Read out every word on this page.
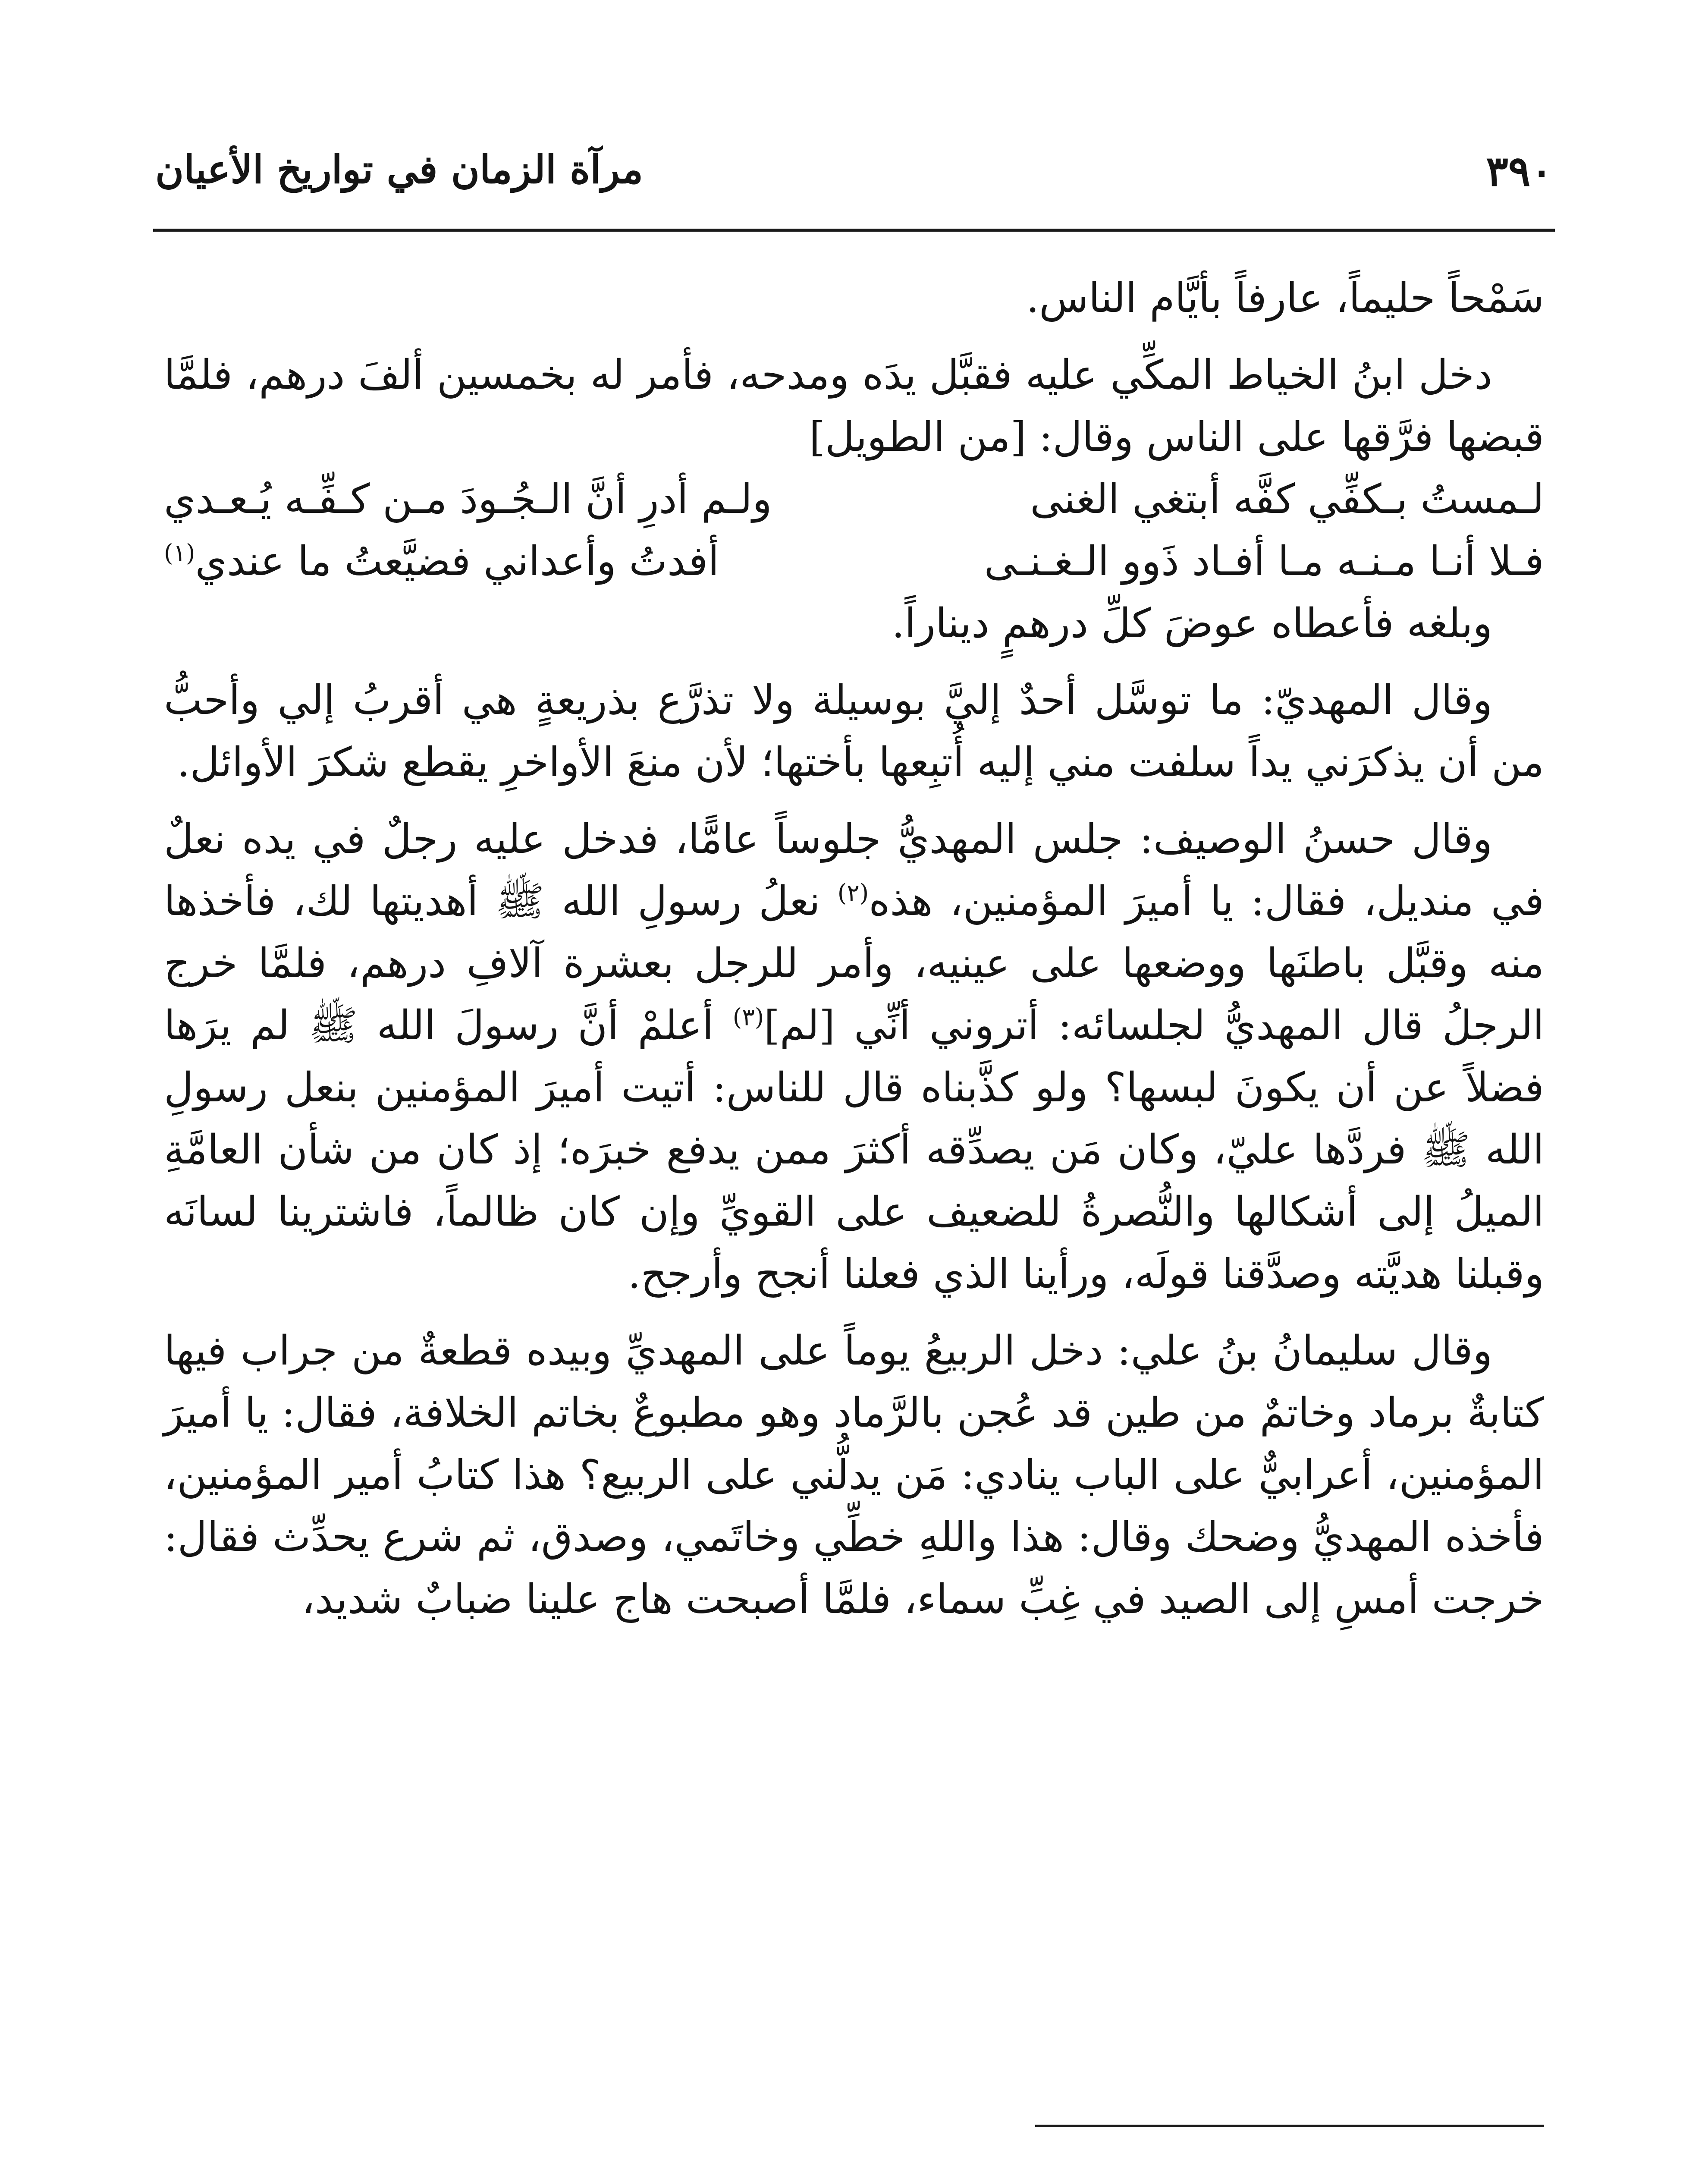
٣٩٠
مرآة الزمان في تواريخ الأعيان

سَمْحاً حليماً، عارفاً بأيَّام الناس.

دخل ابنُ الخياط المكِّي عليه فقبَّل يدَه ومدحه، فأمر له بخمسين ألفَ درهم، فلمَّا قبضها فرَّقها على الناس وقال: [من الطويل]

لـمستُ بـكفِّي كفَّه أبتغي الغنى
ولـم أدرِ أنَّ الـجُـودَ مـن كـفِّـه يُـعـدي
فـلا أنـا مـنـه مـا أفـاد ذَوو الـغـنـى
أفدتُ وأعداني فضيَّعتُ ما عندي$^{(١)}$

وبلغه فأعطاه عوضَ كلِّ درهمٍ ديناراً.

وقال المهديّ: ما توسَّل أحدٌ إليَّ بوسيلة ولا تذرَّع بذريعةٍ هي أقربُ إلي وأحبُّ من أن يذكرَني يداً سلفت مني إليه أُتبِعها بأختها؛ لأن منعَ الأواخرِ يقطع شكرَ الأوائل.

وقال حسنُ الوصيف: جلس المهديُّ جلوساً عامًّا، فدخل عليه رجلٌ في يده نعلٌ في منديل، فقال: يا أميرَ المؤمنين، هذه$^{(٢)}$ نعلُ رسولِ الله ﷺ أهديتها لك، فأخذها منه وقبَّل باطنَها ووضعها على عينيه، وأمر للرجل بعشرة آلافِ درهم، فلمَّا خرج الرجلُ قال المهديُّ لجلسائه: أتروني أنِّي [لم]$^{(٣)}$ أعلمْ أنَّ رسولَ الله ﷺ لم يرَها فضلاً عن أن يكونَ لبسها؟ ولو كذَّبناه قال للناس: أتيت أميرَ المؤمنين بنعل رسولِ الله ﷺ فردَّها عليّ، وكان مَن يصدِّقه أكثرَ ممن يدفع خبرَه؛ إذ كان من شأن العامَّةِ الميلُ إلى أشكالها والنُّصرةُ للضعيف على القويِّ وإن كان ظالماً، فاشترينا لسانَه وقبلنا هديَّته وصدَّقنا قولَه، ورأينا الذي فعلنا أنجح وأرجح.

وقال سليمانُ بنُ علي: دخل الربيعُ يوماً على المهديِّ وبيده قطعةٌ من جراب فيها كتابةٌ برماد وخاتمٌ من طين قد عُجن بالرَّماد وهو مطبوعٌ بخاتم الخلافة، فقال: يا أميرَ المؤمنين، أعرابيٌّ على الباب ينادي: مَن يدلُّني على الربيع؟ هذا كتابُ أمير المؤمنين، فأخذه المهديُّ وضحك وقال: هذا واللهِ خطِّي وخاتَمي، وصدق، ثم شرع يحدِّث فقال: خرجت أمسِ إلى الصيد في غِبِّ سماء، فلمَّا أصبحت هاج علينا ضبابٌ شديد،
